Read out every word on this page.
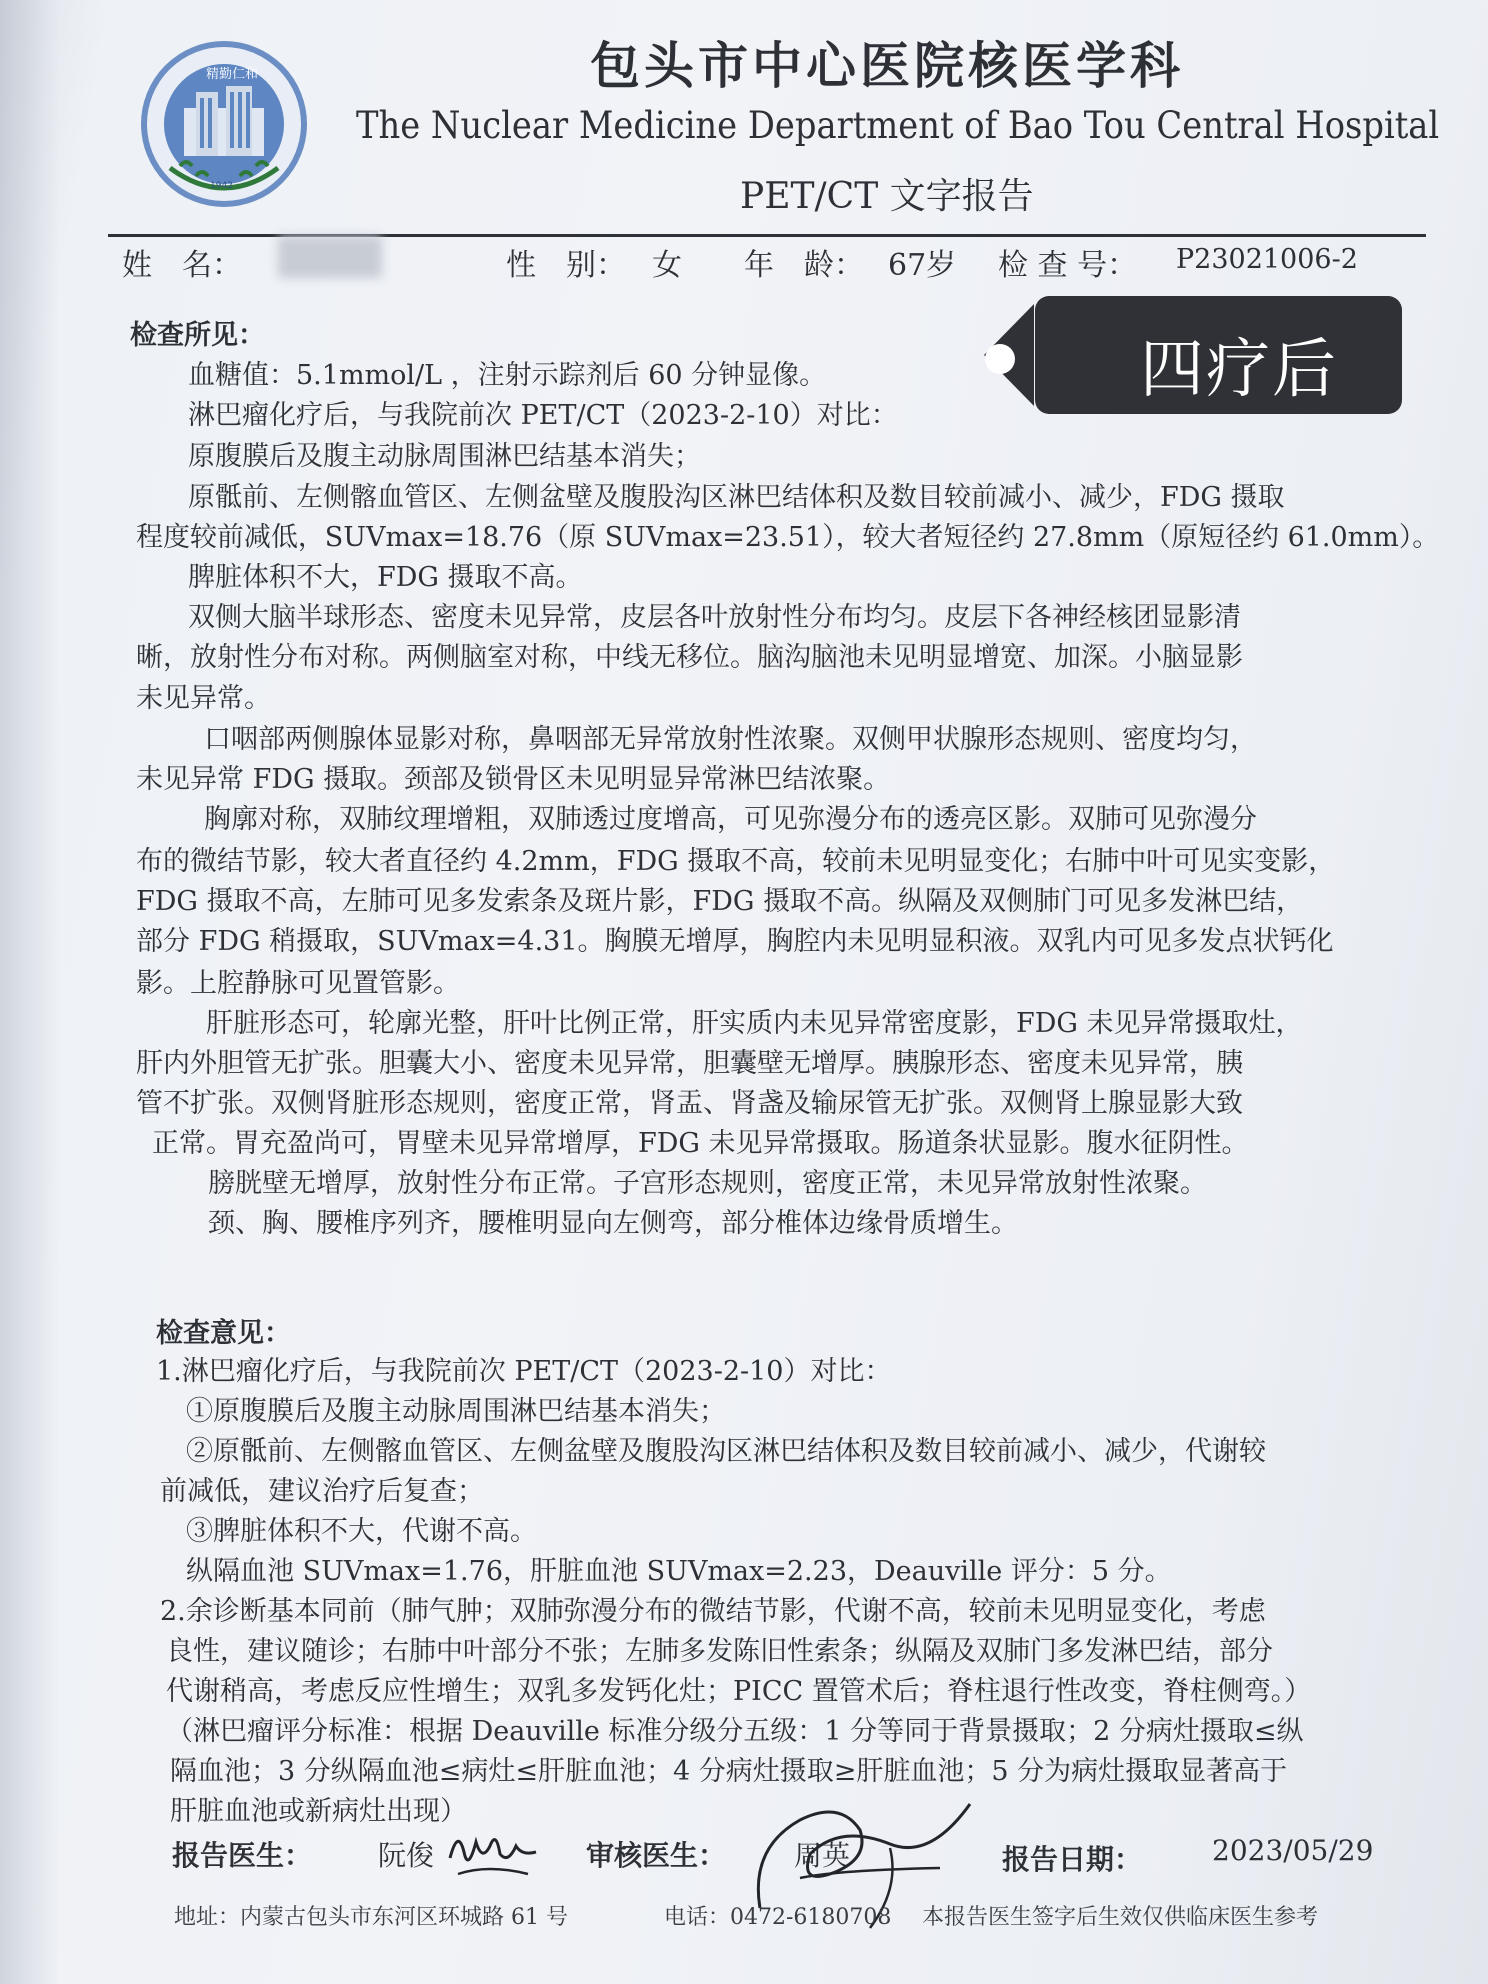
精勤仁和
1942
包头市中心医院核医学科
The Nuclear Medicine Department of Bao Tou Central Hospital
PET/CT 文字报告
姓　名：	性　别： 女 年　龄： 67岁 检 查 号： P23021006-2
四疗后
检查所见：
血糖值：5.1mmol/L ，注射示踪剂后 60 分钟显像。
淋巴瘤化疗后，与我院前次 PET/CT（2023-2-10）对比：
原腹膜后及腹主动脉周围淋巴结基本消失；
原骶前、左侧髂血管区、左侧盆壁及腹股沟区淋巴结体积及数目较前减小、减少，FDG 摄取
程度较前减低，SUVmax=18.76（原 SUVmax=23.51），较大者短径约 27.8mm（原短径约 61.0mm）。
脾脏体积不大，FDG 摄取不高。
双侧大脑半球形态、密度未见异常，皮层各叶放射性分布均匀。皮层下各神经核团显影清
晰，放射性分布对称。两侧脑室对称，中线无移位。脑沟脑池未见明显增宽、加深。小脑显影
未见异常。
口咽部两侧腺体显影对称，鼻咽部无异常放射性浓聚。双侧甲状腺形态规则、密度均匀，
未见异常 FDG 摄取。颈部及锁骨区未见明显异常淋巴结浓聚。
胸廓对称，双肺纹理增粗，双肺透过度增高，可见弥漫分布的透亮区影。双肺可见弥漫分
布的微结节影，较大者直径约 4.2mm，FDG 摄取不高，较前未见明显变化；右肺中叶可见实变影，
FDG 摄取不高，左肺可见多发索条及斑片影，FDG 摄取不高。纵隔及双侧肺门可见多发淋巴结，
部分 FDG 稍摄取，SUVmax=4.31。胸膜无增厚，胸腔内未见明显积液。双乳内可见多发点状钙化
影。上腔静脉可见置管影。
肝脏形态可，轮廓光整，肝叶比例正常，肝实质内未见异常密度影，FDG 未见异常摄取灶，
肝内外胆管无扩张。胆囊大小、密度未见异常，胆囊壁无增厚。胰腺形态、密度未见异常，胰
管不扩张。双侧肾脏形态规则，密度正常，肾盂、肾盏及输尿管无扩张。双侧肾上腺显影大致
正常。胃充盈尚可，胃壁未见异常增厚，FDG 未见异常摄取。肠道条状显影。腹水征阴性。
膀胱壁无增厚，放射性分布正常。子宫形态规则，密度正常，未见异常放射性浓聚。
颈、胸、腰椎序列齐，腰椎明显向左侧弯，部分椎体边缘骨质增生。
检查意见：
1.淋巴瘤化疗后，与我院前次 PET/CT（2023-2-10）对比：
①原腹膜后及腹主动脉周围淋巴结基本消失；
②原骶前、左侧髂血管区、左侧盆壁及腹股沟区淋巴结体积及数目较前减小、减少，代谢较
前减低，建议治疗后复查；
③脾脏体积不大，代谢不高。
纵隔血池 SUVmax=1.76，肝脏血池 SUVmax=2.23，Deauville 评分：5 分。
2.余诊断基本同前（肺气肿；双肺弥漫分布的微结节影，代谢不高，较前未见明显变化，考虑
良性，建议随诊；右肺中叶部分不张；左肺多发陈旧性索条；纵隔及双肺门多发淋巴结，部分
代谢稍高，考虑反应性增生；双乳多发钙化灶；PICC 置管术后；脊柱退行性改变，脊柱侧弯。）
（淋巴瘤评分标准：根据 Deauville 标准分级分五级：1 分等同于背景摄取；2 分病灶摄取≤纵
隔血池；3 分纵隔血池≤病灶≤肝脏血池；4 分病灶摄取≥肝脏血池；5 分为病灶摄取显著高于
肝脏血池或新病灶出现）
报告医生： 阮俊	审核医生： 周英	报告日期： 2023/05/29
地址：内蒙古包头市东河区环城路 61 号	电话：0472-6180708 本报告医生签字后生效仅供临床医生参考
